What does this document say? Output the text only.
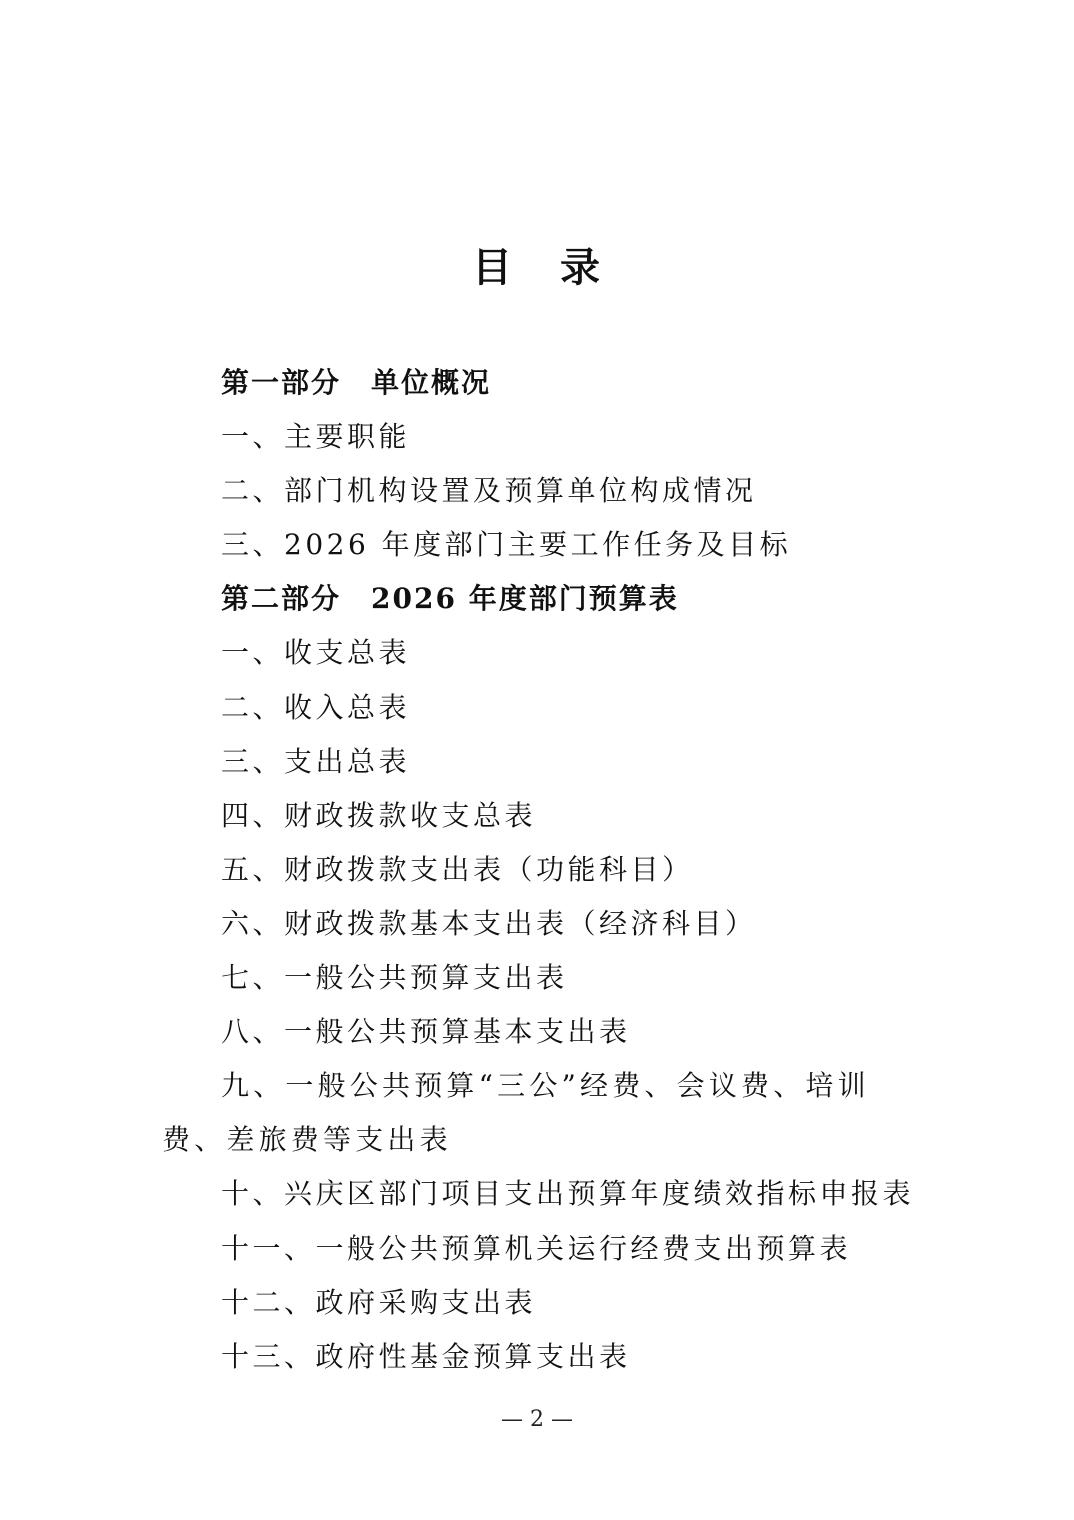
目 录
第一部分 单位概况
一、主要职能
二、部门机构设置及预算单位构成情况
三、2026 年度部门主要工作任务及目标
第二部分 2026 年度部门预算表
一、收支总表
二、收入总表
三、支出总表
四、财政拨款收支总表
五、财政拨款支出表（功能科目）
六、财政拨款基本支出表（经济科目）
七、一般公共预算支出表
八、一般公共预算基本支出表
九、一般公共预算“三公”经费、会议费、培训费、差旅费等支出表
十、兴庆区部门项目支出预算年度绩效指标申报表
十一、一般公共预算机关运行经费支出预算表
十二、政府采购支出表
十三、政府性基金预算支出表
— 2 —
